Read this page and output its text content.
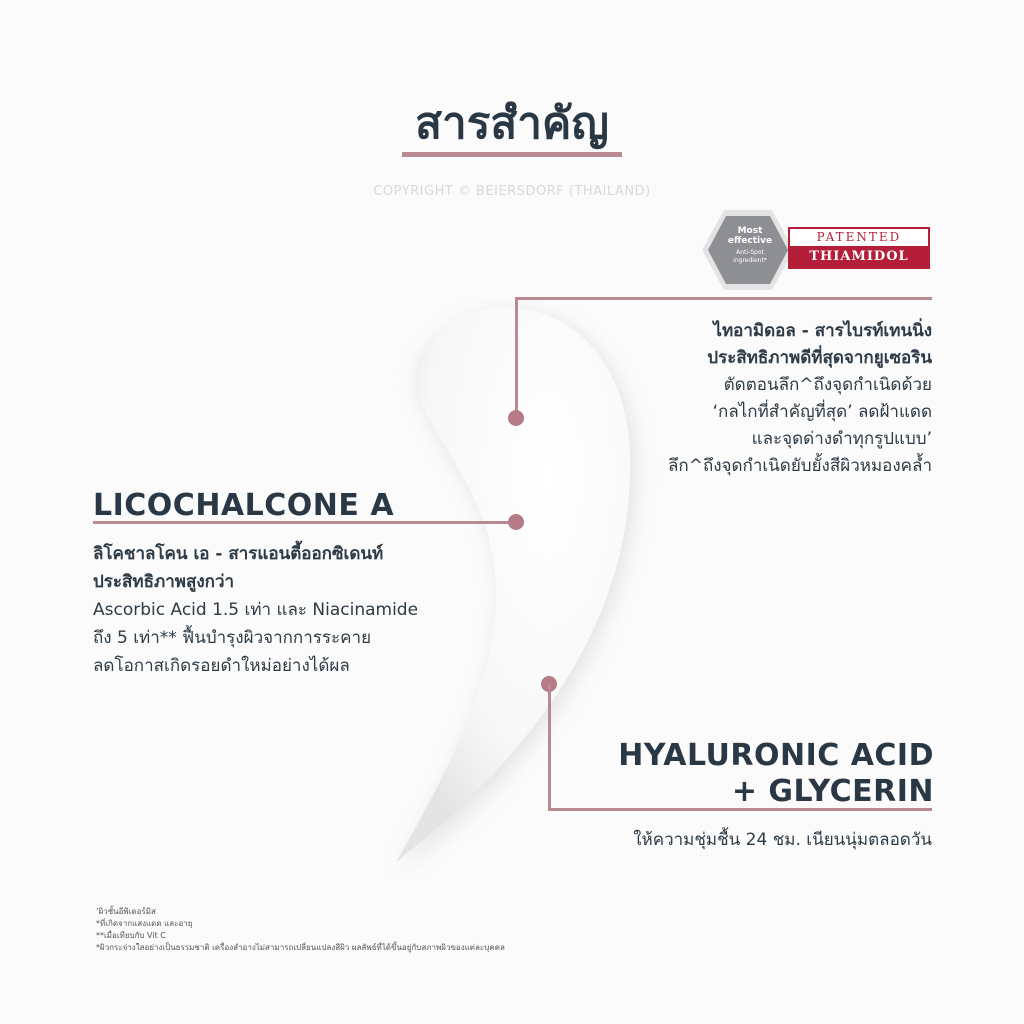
สารสำคัญ
COPYRIGHT © BEIERSDORF (THAILAND)
Most effective
Anti-Spot ingredient*
PATENTED
THIAMIDOL
ไทอามิดอล - สารไบรท์เทนนิ่ง
ประสิทธิภาพดีที่สุดจากยูเซอริน
ตัดตอนลึก^ถึงจุดกำเนิดด้วย
‘กลไกที่สำคัญที่สุด’ ลดฝ้าแดด
และจุดด่างดำทุกรูปแบบ’
ลึก^ถึงจุดกำเนิดยับยั้งสีผิวหมองคล้ำ
LICOCHALCONE A
ลิโคชาลโคน เอ - สารแอนตี้ออกซิเดนท์
ประสิทธิภาพสูงกว่า
Ascorbic Acid 1.5 เท่า และ Niacinamide
ถึง 5 เท่า** ฟื้นบำรุงผิวจากการระคาย
ลดโอกาสเกิดรอยดำใหม่อย่างได้ผล
HYALURONIC ACID
+ GLYCERIN
ให้ความชุ่มชื้น 24 ชม. เนียนนุ่มตลอดวัน
’ผิวชั้นอีพิเดอร์มิส
*ที่เกิดจากแสงแดด และอายุ
**เมื่อเทียบกับ Vit C
*ผิวกระจ่างใสอย่างเป็นธรรมชาติ เครื่องสำอางไม่สามารถเปลี่ยนแปลงสีผิว ผลลัพธ์ที่ได้ขึ้นอยู่กับสภาพผิวของแต่ละบุคคล
